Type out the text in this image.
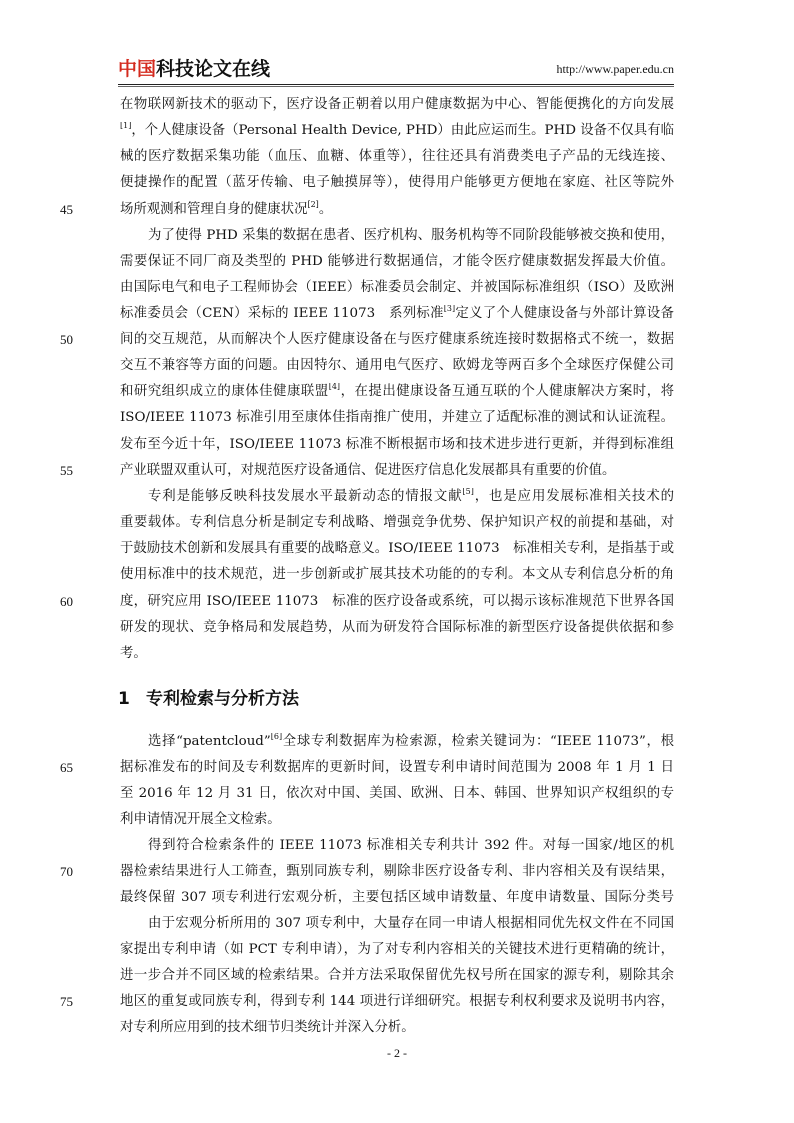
中国科技论文在线	http://www.paper.edu.cn
在物联网新技术的驱动下，医疗设备正朝着以用户健康数据为中心、智能便携化的方向发展
[1]，个人健康设备（Personal Health Device, PHD）由此应运而生。PHD 设备不仅具有临
械的医疗数据采集功能（血压、血糖、体重等），往往还具有消费类电子产品的无线连接、
便捷操作的配置（蓝牙传输、电子触摸屏等），使得用户能够更方便地在家庭、社区等院外
场所观测和管理自身的健康状况[2]。
为了使得 PHD 采集的数据在患者、医疗机构、服务机构等不同阶段能够被交换和使用，
需要保证不同厂商及类型的 PHD 能够进行数据通信，才能令医疗健康数据发挥最大价值。
由国际电气和电子工程师协会（IEEE）标准委员会制定、并被国际标准组织（ISO）及欧洲
标准委员会（CEN）采标的 IEEE 11073　系列标准[3]定义了个人健康设备与外部计算设备
间的交互规范，从而解决个人医疗健康设备在与医疗健康系统连接时数据格式不统一，数据
交互不兼容等方面的问题。由因特尔、通用电气医疗、欧姆龙等两百多个全球医疗保健公司
和研究组织成立的康体佳健康联盟[4]，在提出健康设备互通互联的个人健康解决方案时，将
ISO/IEEE 11073 标准引用至康体佳指南推广使用，并建立了适配标准的测试和认证流程。
发布至今近十年，ISO/IEEE 11073 标准不断根据市场和技术进步进行更新，并得到标准组
产业联盟双重认可，对规范医疗设备通信、促进医疗信息化发展都具有重要的价值。
专利是能够反映科技发展水平最新动态的情报文献[5]，也是应用发展标准相关技术的
重要载体。专利信息分析是制定专利战略、增强竞争优势、保护知识产权的前提和基础，对
于鼓励技术创新和发展具有重要的战略意义。ISO/IEEE 11073　标准相关专利，是指基于或
使用标准中的技术规范，进一步创新或扩展其技术功能的的专利。本文从专利信息分析的角
度，研究应用 ISO/IEEE 11073　标准的医疗设备或系统，可以揭示该标准规范下世界各国
研发的现状、竞争格局和发展趋势，从而为研发符合国际标准的新型医疗设备提供依据和参
考。
选择“patentcloud”[6]全球专利数据库为检索源，检索关键词为：“IEEE 11073”，根
据标准发布的时间及专利数据库的更新时间，设置专利申请时间范围为 2008 年 1 月 1 日
至 2016 年 12 月 31 日，依次对中国、美国、欧洲、日本、韩国、世界知识产权组织的专
利申请情况开展全文检索。
得到符合检索条件的 IEEE 11073 标准相关专利共计 392 件。对每一国家/地区的机
器检索结果进行人工筛查，甄别同族专利，剔除非医疗设备专利、非内容相关及有误结果，
最终保留 307 项专利进行宏观分析，主要包括区域申请数量、年度申请数量、国际分类号
由于宏观分析所用的 307 项专利中，大量存在同一申请人根据相同优先权文件在不同国
家提出专利申请（如 PCT 专利申请），为了对专利内容相关的关键技术进行更精确的统计，
进一步合并不同区域的检索结果。合并方法采取保留优先权号所在国家的源专利，剔除其余
地区的重复或同族专利，得到专利 144 项进行详细研究。根据专利权利要求及说明书内容，
对专利所应用到的技术细节归类统计并深入分析。
1 专利检索与分析方法
45
50
55
60
65
70
75
- 2 -
